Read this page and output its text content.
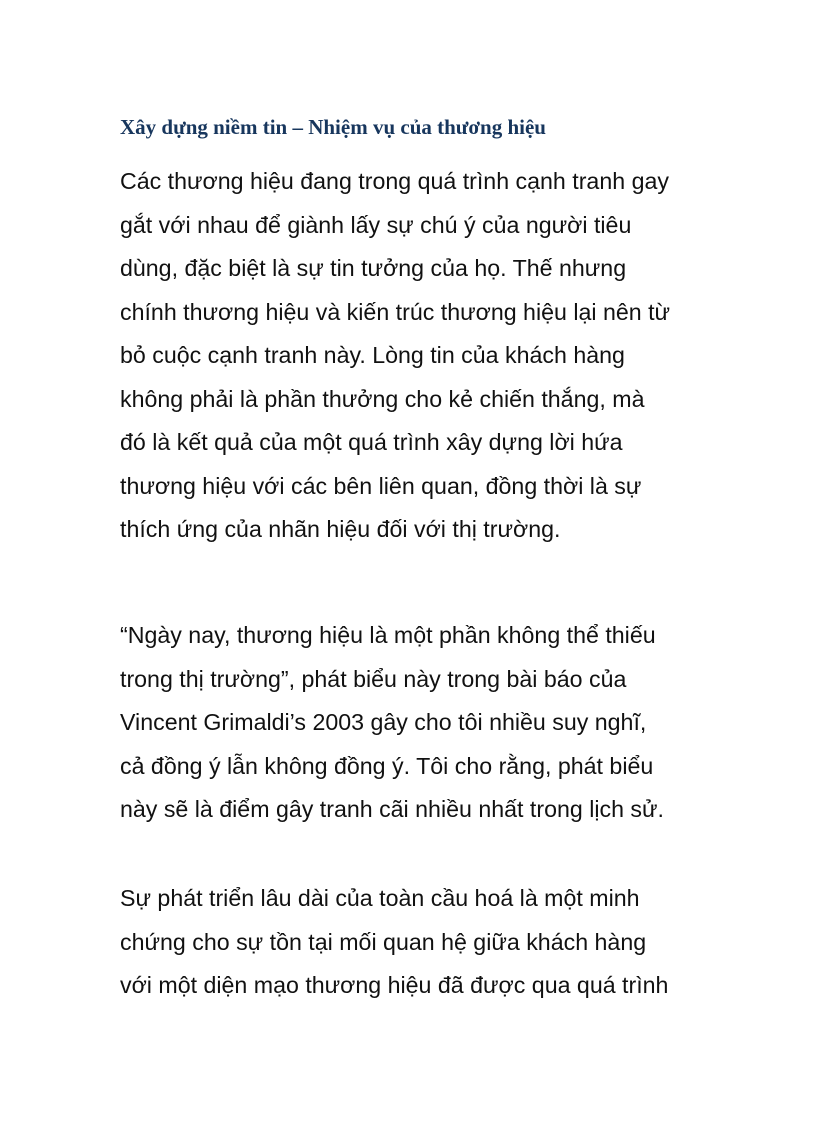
Xây dựng niềm tin – Nhiệm vụ của thương hiệu
Các thương hiệu đang trong quá trình cạnh tranh gay
gắt với nhau để giành lấy sự chú ý của người tiêu
dùng, đặc biệt là sự tin tưởng của họ. Thế nhưng
chính thương hiệu và kiến trúc thương hiệu lại nên từ
bỏ cuộc cạnh tranh này. Lòng tin của khách hàng
không phải là phần thưởng cho kẻ chiến thắng, mà
đó là kết quả của một quá trình xây dựng lời hứa
thương hiệu với các bên liên quan, đồng thời là sự
thích ứng của nhãn hiệu đối với thị trường.
“Ngày nay, thương hiệu là một phần không thể thiếu
trong thị trường”, phát biểu này trong bài báo của
Vincent Grimaldi’s 2003 gây cho tôi nhiều suy nghĩ,
cả đồng ý lẫn không đồng ý. Tôi cho rằng, phát biểu
này sẽ là điểm gây tranh cãi nhiều nhất trong lịch sử.
Sự phát triển lâu dài của toàn cầu hoá là một minh
chứng cho sự tồn tại mối quan hệ giữa khách hàng
với một diện mạo thương hiệu đã được qua quá trình
